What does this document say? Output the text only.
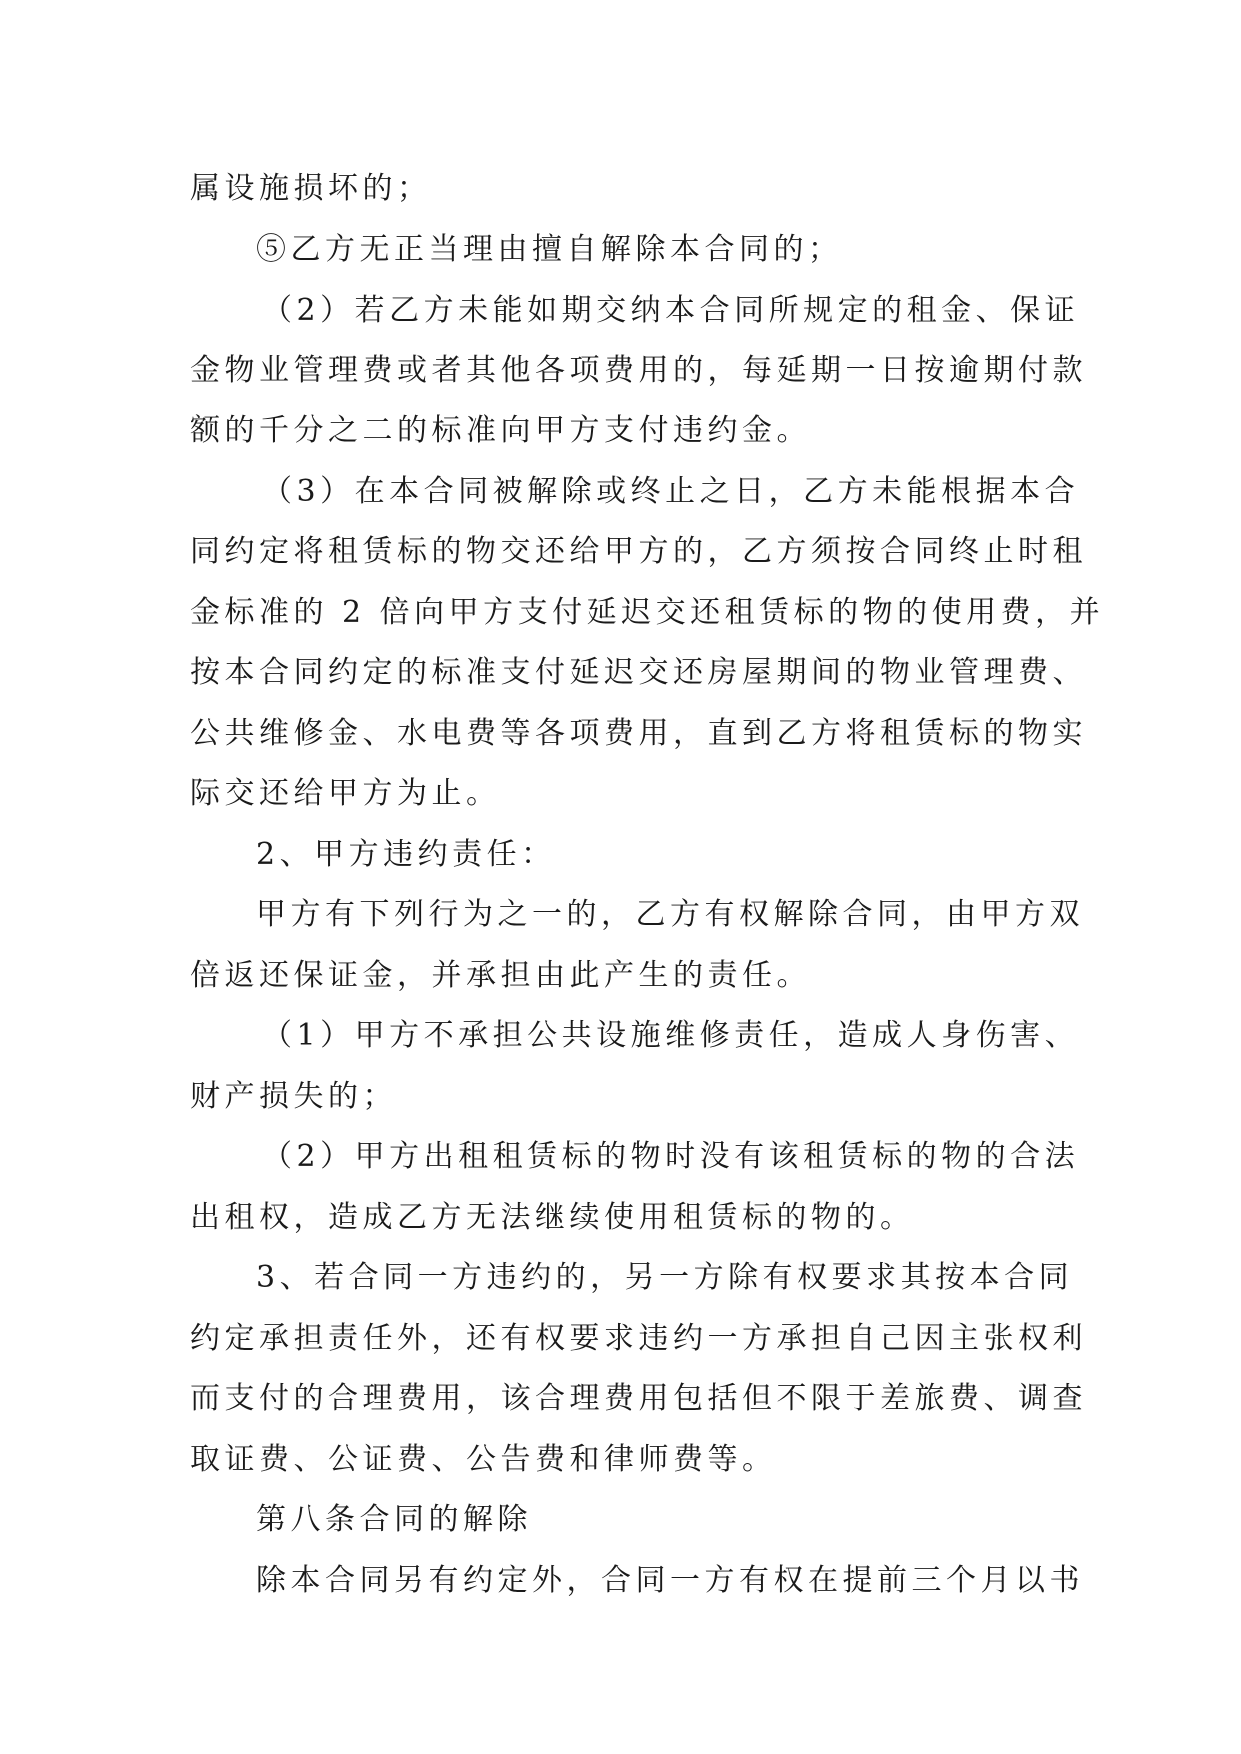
属设施损坏的；
⑤乙方无正当理由擅自解除本合同的；
（2）若乙方未能如期交纳本合同所规定的租金、保证
金物业管理费或者其他各项费用的，每延期一日按逾期付款
额的千分之二的标准向甲方支付违约金。
（3）在本合同被解除或终止之日，乙方未能根据本合
同约定将租赁标的物交还给甲方的，乙方须按合同终止时租
金标准的 2 倍向甲方支付延迟交还租赁标的物的使用费，并
按本合同约定的标准支付延迟交还房屋期间的物业管理费、
公共维修金、水电费等各项费用，直到乙方将租赁标的物实
际交还给甲方为止。
2、甲方违约责任：
甲方有下列行为之一的，乙方有权解除合同，由甲方双
倍返还保证金，并承担由此产生的责任。
（1）甲方不承担公共设施维修责任，造成人身伤害、
财产损失的；
（2）甲方出租租赁标的物时没有该租赁标的物的合法
出租权，造成乙方无法继续使用租赁标的物的。
3、若合同一方违约的，另一方除有权要求其按本合同
约定承担责任外，还有权要求违约一方承担自己因主张权利
而支付的合理费用，该合理费用包括但不限于差旅费、调查
取证费、公证费、公告费和律师费等。
第八条合同的解除
除本合同另有约定外，合同一方有权在提前三个月以书
